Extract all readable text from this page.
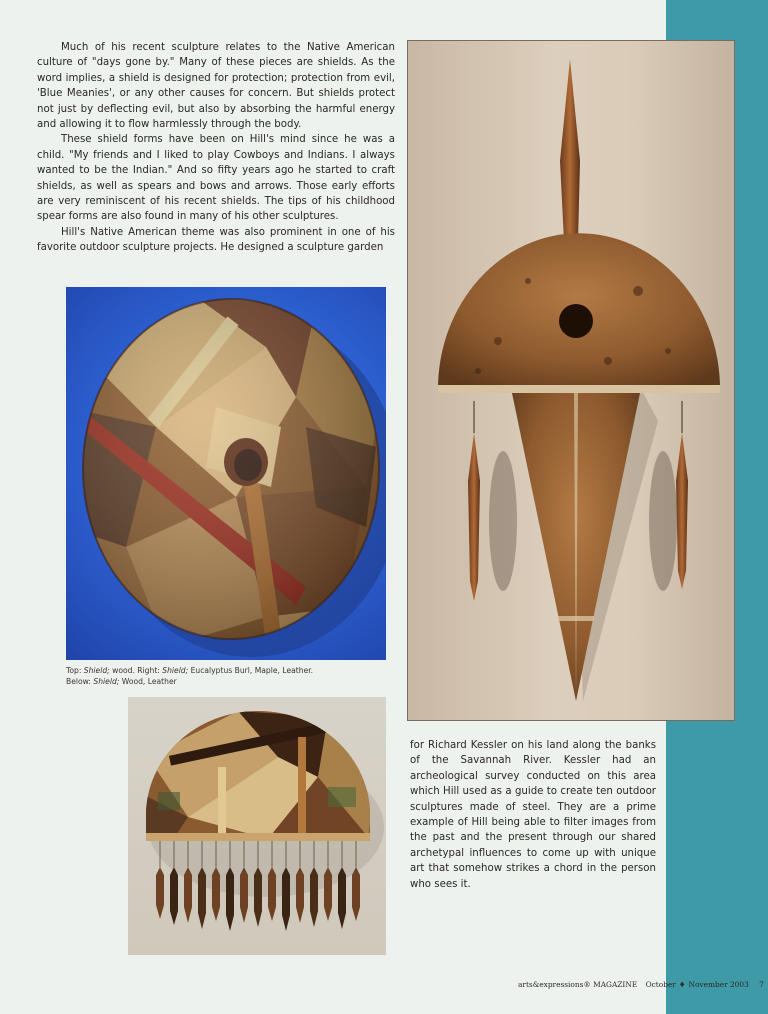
Much of his recent sculpture relates to the Native American culture of "days gone by." Many of these pieces are shields. As the word implies, a shield is designed for protection; protection from evil, 'Blue Meanies', or any other causes for concern. But shields protect not just by deflecting evil, but also by absorbing the harmful energy and allowing it to flow harmlessly through the body.

These shield forms have been on Hill's mind since he was a child. "My friends and I liked to play Cowboys and Indians. I always wanted to be the Indian." And so fifty years ago he started to craft shields, as well as spears and bows and arrows. Those early efforts are very reminiscent of his recent shields. The tips of his childhood spear forms are also found in many of his other sculptures.

Hill's Native American theme was also prominent in one of his favorite outdoor sculpture projects. He designed a sculpture garden

Top: Shield; wood. Right: Shield; Eucalyptus Burl, Maple, Leather.
Below: Shield; Wood, Leather

for Richard Kessler on his land along the banks of the Savannah River. Kessler had an archeological survey conducted on this area which Hill used as a guide to create ten outdoor sculptures made of steel. They are a prime example of Hill being able to filter images from the past and the present through our shared archetypal influences to come up with unique art that somehow strikes a chord in the person who sees it.

arts&expressions® MAGAZINE October ♦ November 2003 7
